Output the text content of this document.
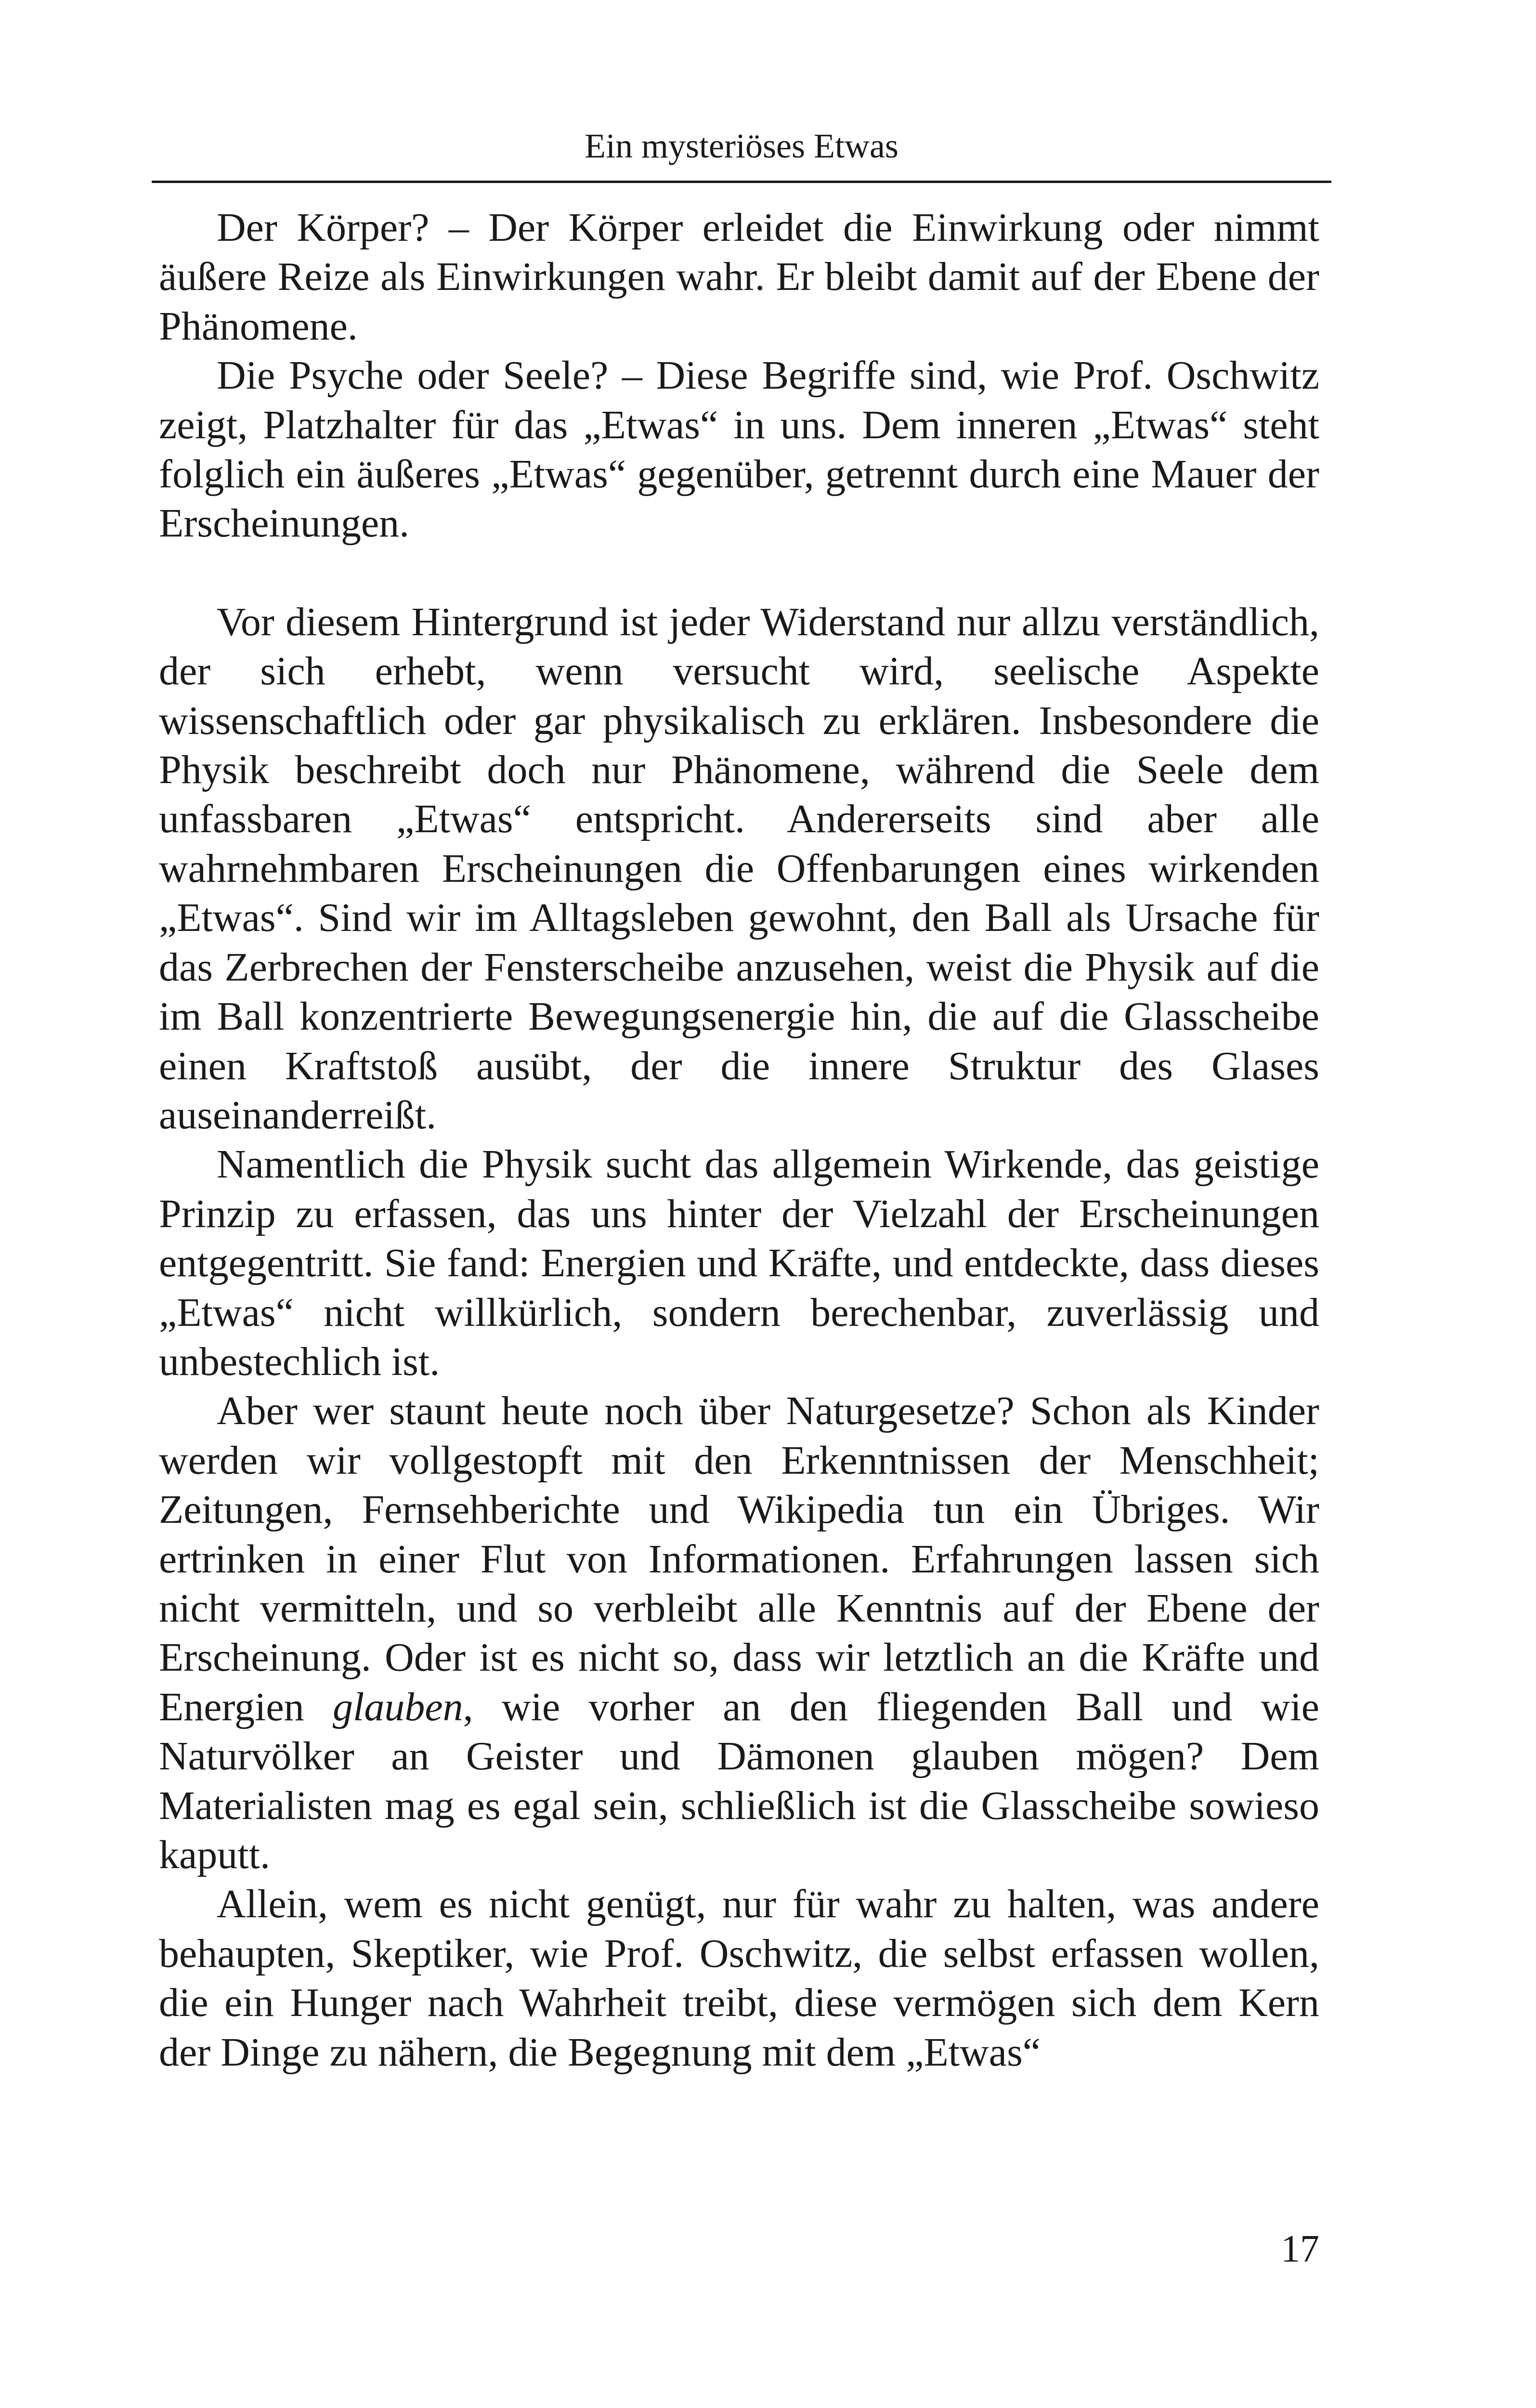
Ein mysteriöses Etwas

Der Körper? – Der Körper erleidet die Einwirkung oder nimmt äußere Reize als Einwirkungen wahr. Er bleibt damit auf der Ebene der Phänomene.

Die Psyche oder Seele? – Diese Begriffe sind, wie Prof. Oschwitz zeigt, Platzhalter für das „Etwas“ in uns. Dem inneren „Etwas“ steht folglich ein äußeres „Etwas“ gegenüber, getrennt durch eine Mauer der Erscheinungen.

Vor diesem Hintergrund ist jeder Widerstand nur allzu verständlich, der sich erhebt, wenn versucht wird, seelische Aspekte wissenschaftlich oder gar physikalisch zu erklären. Insbesondere die Physik beschreibt doch nur Phänomene, während die Seele dem unfassbaren „Etwas“ entspricht. Andererseits sind aber alle wahrnehmbaren Erscheinungen die Offenbarungen eines wirkenden „Etwas“. Sind wir im Alltagsleben gewohnt, den Ball als Ursache für das Zerbrechen der Fensterscheibe anzusehen, weist die Physik auf die im Ball konzentrierte Bewegungsenergie hin, die auf die Glasscheibe einen Kraftstoß ausübt, der die innere Struktur des Glases auseinanderreißt.

Namentlich die Physik sucht das allgemein Wirkende, das geistige Prinzip zu erfassen, das uns hinter der Vielzahl der Erscheinungen entgegentritt. Sie fand: Energien und Kräfte, und entdeckte, dass dieses „Etwas“ nicht willkürlich, sondern berechenbar, zuverlässig und unbestechlich ist.

Aber wer staunt heute noch über Naturgesetze? Schon als Kinder werden wir vollgestopft mit den Erkenntnissen der Menschheit; Zeitungen, Fernsehberichte und Wikipedia tun ein Übriges. Wir ertrinken in einer Flut von Informationen. Erfahrungen lassen sich nicht vermitteln, und so verbleibt alle Kenntnis auf der Ebene der Erscheinung. Oder ist es nicht so, dass wir letztlich an die Kräfte und Energien glauben, wie vorher an den fliegenden Ball und wie Naturvölker an Geister und Dämonen glauben mögen? Dem Materialisten mag es egal sein, schließlich ist die Glasscheibe sowieso kaputt.

Allein, wem es nicht genügt, nur für wahr zu halten, was andere behaupten, Skeptiker, wie Prof. Oschwitz, die selbst erfassen wollen, die ein Hunger nach Wahrheit treibt, diese vermögen sich dem Kern der Dinge zu nähern, die Begegnung mit dem „Etwas“

17
